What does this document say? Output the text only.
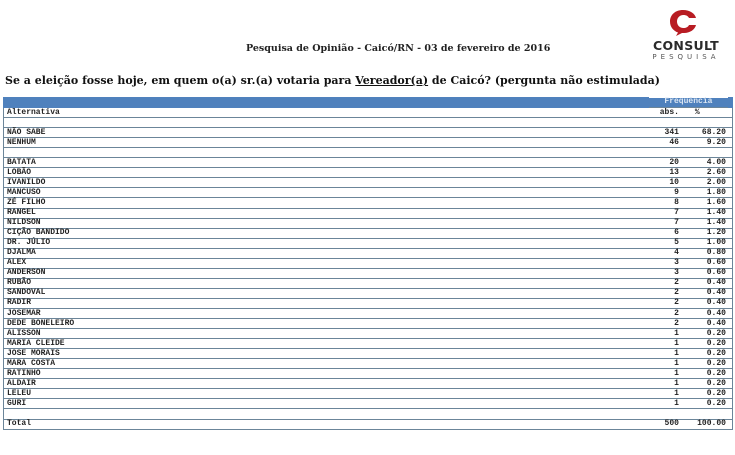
CONSULT
PESQUISA
Pesquisa de Opinião - Caicó/RN - 03 de fevereiro de 2016
Se a eleição fosse hoje, em quem o(a) sr.(a) votaria para Vereador(a) de Caicó? (pergunta não estimulada)
	Frequência		
Alternativa	abs.	%	

NÃO SABE	341	68.20	
NENHUM	46	9.20	

BATATA	20	4.00	
LOBÃO	13	2.60	
IVANILDO	10	2.00	
MANCUSO	9	1.80	
ZÉ FILHO	8	1.60	
RANGEL	7	1.40	
NILDSON	7	1.40	
CIÇÃO BANDIDO	6	1.20	
DR. JÚLIO	5	1.00	
DJALMA	4	0.80	
ALEX	3	0.60	
ANDERSON	3	0.60	
RUBÃO	2	0.40	
SANDOVAL	2	0.40	
RADIR	2	0.40	
JOSEMAR	2	0.40	
DEDE BONELEIRO	2	0.40	
ALISSON	1	0.20	
MARIA CLEIDE	1	0.20	
JOSE MORAIS	1	0.20	
MARA COSTA	1	0.20	
RATINHO	1	0.20	
ALDAIR	1	0.20	
LELEU	1	0.20	
GURI	1	0.20	

Total	500	100.00	
